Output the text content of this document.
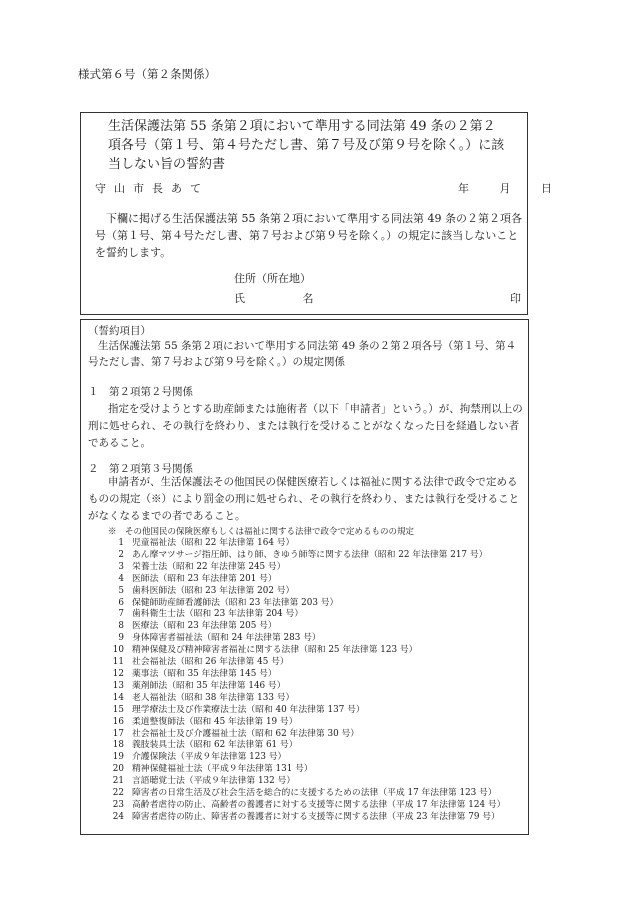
様式第６号（第２条関係）
生活保護法第 55 条第２項において準用する同法第 49 条の２第２項各号（第１号、第４号ただし書、第７号及び第９号を除く。）に該当しない旨の誓約書
守山市長あて	年	月	日
下欄に掲げる生活保護法第 55 条第２項において準用する同法第 49 条の２第２項各号（第１号、第４号ただし書、第７号および第９号を除く。）の規定に該当しないことを誓約します。
住所（所在地）
氏	名	印
（誓約項目）
生活保護法第 55 条第２項において準用する同法第 49 条の２第２項各号（第１号、第４号ただし書、第７号および第９号を除く。）の規定関係
１　第２項第２号関係
指定を受けようとする助産師または施術者（以下「申請者」という。）が、拘禁刑以上の刑に処せられ、その執行を終わり、または執行を受けることがなくなった日を経過しない者であること。
２　第２項第３号関係
申請者が、生活保護法その他国民の保健医療若しくは福祉に関する法律で政令で定めるものの規定（※）により罰金の刑に処せられ、その執行を終わり、または執行を受けることがなくなるまでの者であること。
※　その他国民の保険医療もしくは福祉に関する法律で政令で定めるものの規定
1 児童福祉法（昭和 22 年法律第 164 号）
2 あん摩マツサージ指圧師、はり師、きゆう師等に関する法律（昭和 22 年法律第 217 号）
3 栄養士法（昭和 22 年法律第 245 号）
4 医師法（昭和 23 年法律第 201 号）
5 歯科医師法（昭和 23 年法律第 202 号）
6 保健師助産師看護師法（昭和 23 年法律第 203 号）
7 歯科衛生士法（昭和 23 年法律第 204 号）
8 医療法（昭和 23 年法律第 205 号）
9 身体障害者福祉法（昭和 24 年法律第 283 号）
10 精神保健及び精神障害者福祉に関する法律（昭和 25 年法律第 123 号）
11 社会福祉法（昭和 26 年法律第 45 号）
12 薬事法（昭和 35 年法律第 145 号）
13 薬剤師法（昭和 35 年法律第 146 号）
14 老人福祉法（昭和 38 年法律第 133 号）
15 理学療法士及び作業療法士法（昭和 40 年法律第 137 号）
16 柔道整復師法（昭和 45 年法律第 19 号）
17 社会福祉士及び介護福祉士法（昭和 62 年法律第 30 号）
18 義肢装具士法（昭和 62 年法律第 61 号）
19 介護保険法（平成９年法律第 123 号）
20 精神保健福祉士法（平成９年法律第 131 号）
21 言語聴覚士法（平成９年法律第 132 号）
22 障害者の日常生活及び社会生活を総合的に支援するための法律（平成 17 年法律第 123 号）
23 高齢者虐待の防止、高齢者の養護者に対する支援等に関する法律（平成 17 年法律第 124 号）
24 障害者虐待の防止、障害者の養護者に対する支援等に関する法律（平成 23 年法律第 79 号）
